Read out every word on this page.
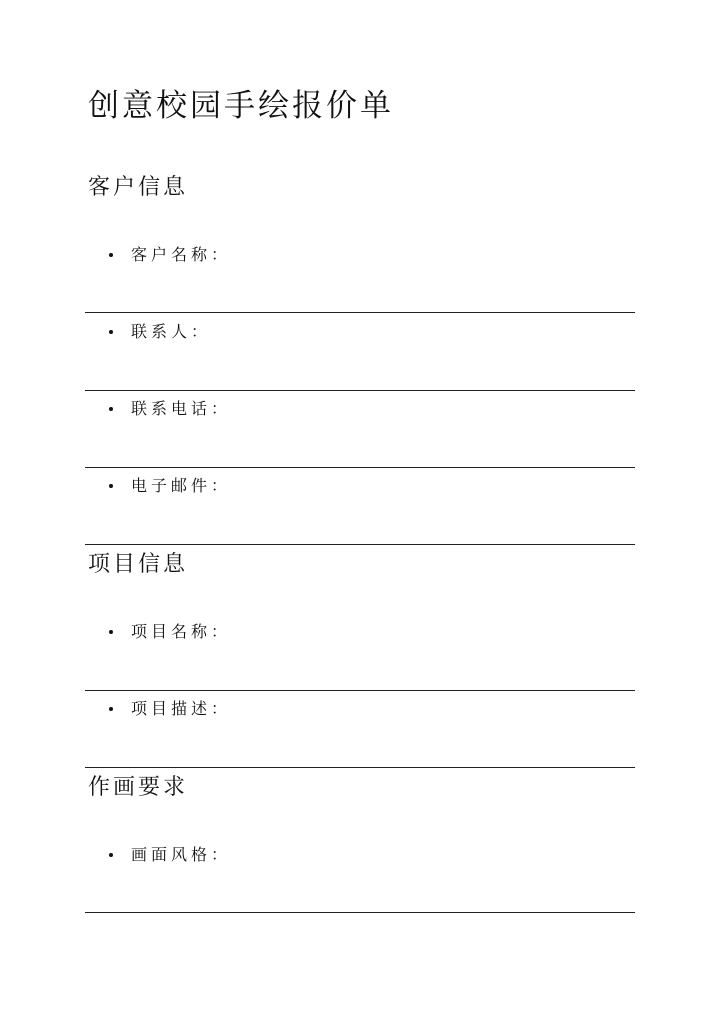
创意校园手绘报价单
客户信息
客户名称：
联系人：
联系电话：
电子邮件：
项目信息
项目名称：
项目描述：
作画要求
画面风格：
